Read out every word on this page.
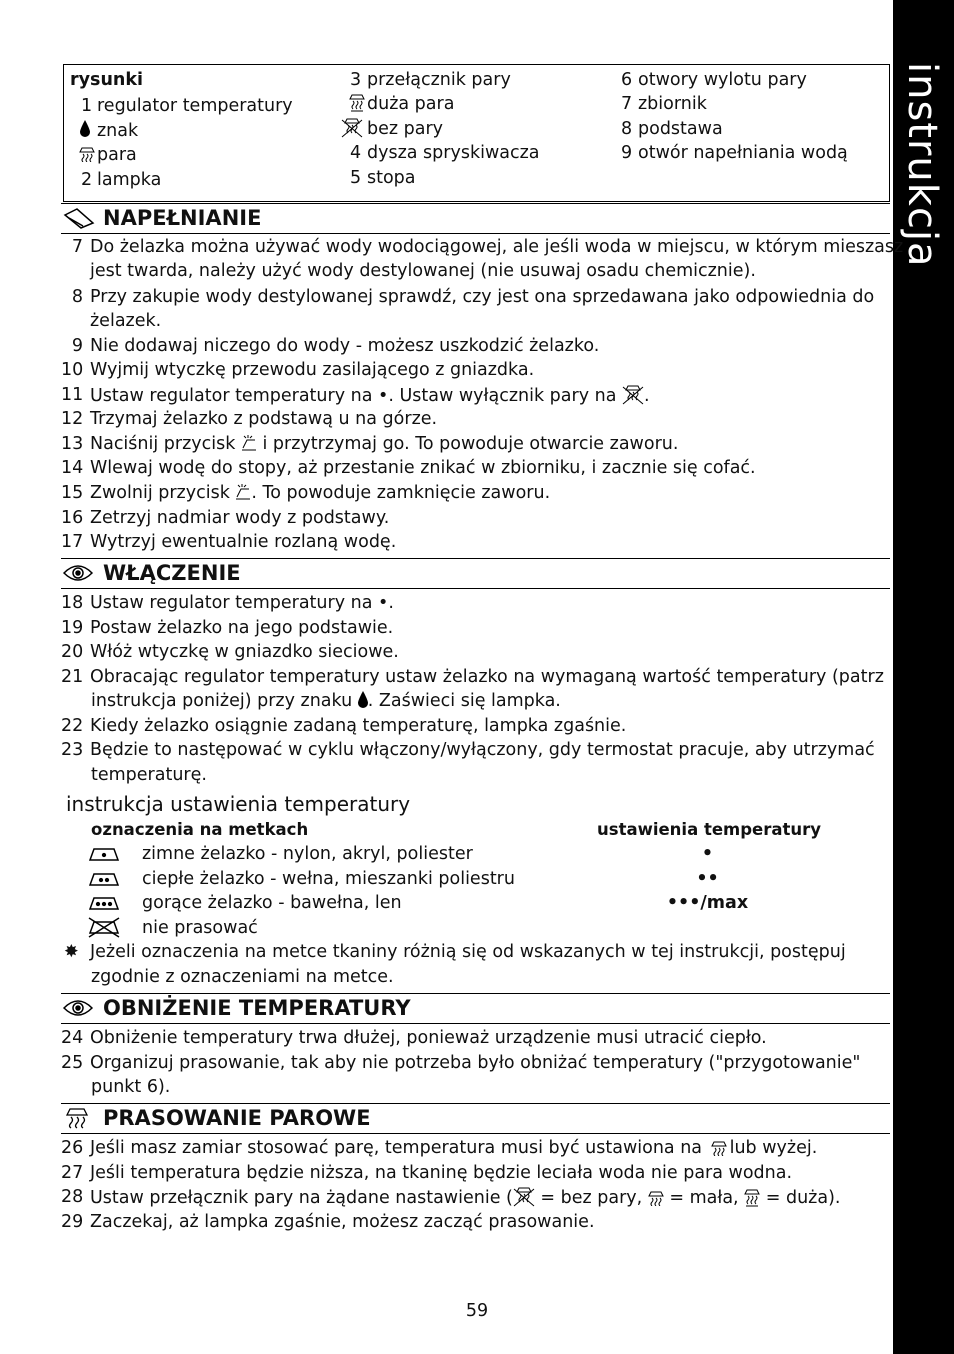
instrukcja
rysunki
1 regulator temperatury
znak
para
2 lampka
3 przełącznik pary
duża para
bez pary
4 dysza spryskiwacza
5 stopa
6 otwory wylotu pary
7 zbiornik
8 podstawa
9 otwór napełniania wodą
NAPEŁNIANIE
7 Do żelazka można używać wody wodociągowej, ale jeśli woda w miejscu, w którym mieszasz
jest twarda, należy użyć wody destylowanej (nie usuwaj osadu chemicznie).
8 Przy zakupie wody destylowanej sprawdź, czy jest ona sprzedawana jako odpowiednia do
żelazek.
9 Nie dodawaj niczego do wody - możesz uszkodzić żelazko.
10 Wyjmij wtyczkę przewodu zasilającego z gniazdka.
11 Ustaw regulator temperatury na •. Ustaw wyłącznik pary na
.
12 Trzymaj żelazko z podstawą u na górze.
13 Naciśnij przycisk
i przytrzymaj go. To powoduje otwarcie zaworu.
14 Wlewaj wodę do stopy, aż przestanie znikać w zbiorniku, i zacznie się cofać.
15 Zwolnij przycisk
. To powoduje zamknięcie zaworu.
16 Zetrzyj nadmiar wody z podstawy.
17 Wytrzyj ewentualnie rozlaną wodę.
WŁĄCZENIE
18 Ustaw regulator temperatury na •.
19 Postaw żelazko na jego podstawie.
20 Włóż wtyczkę w gniazdko sieciowe.
21 Obracając regulator temperatury ustaw żelazko na wymaganą wartość temperatury (patrz
instrukcja poniżej) przy znaku
. Zaświeci się lampka.
22 Kiedy żelazko osiągnie zadaną temperaturę, lampka zgaśnie.
23 Będzie to następować w cyklu włączony/wyłączony, gdy termostat pracuje, aby utrzymać
temperaturę.
instrukcja ustawienia temperatury
oznaczenia na metkach	ustawienia temperatury
zimne żelazko - nylon, akryl, poliester	•
ciepłe żelazko - wełna, mieszanki poliestru	••
gorące żelazko - bawełna, len	•••/max
nie prasować
✸ Jeżeli oznaczenia na metce tkaniny różnią się od wskazanych w tej instrukcji, postępuj
zgodnie z oznaczeniami na metce.
OBNIŻENIE TEMPERATURY
24 Obniżenie temperatury trwa dłużej, ponieważ urządzenie musi utracić ciepło.
25 Organizuj prasowanie, tak aby nie potrzeba było obniżać temperatury ("przygotowanie"
punkt 6).
PRASOWANIE PAROWE
26 Jeśli masz zamiar stosować parę, temperatura musi być ustawiona na
lub wyżej.
27 Jeśli temperatura będzie niższa, na tkaninę będzie leciała woda nie para wodna.
28 Ustaw przełącznik pary na żądane nastawienie (
= bez pary,
= mała,
= duża).
29 Zaczekaj, aż lampka zgaśnie, możesz zacząć prasowanie.
59
